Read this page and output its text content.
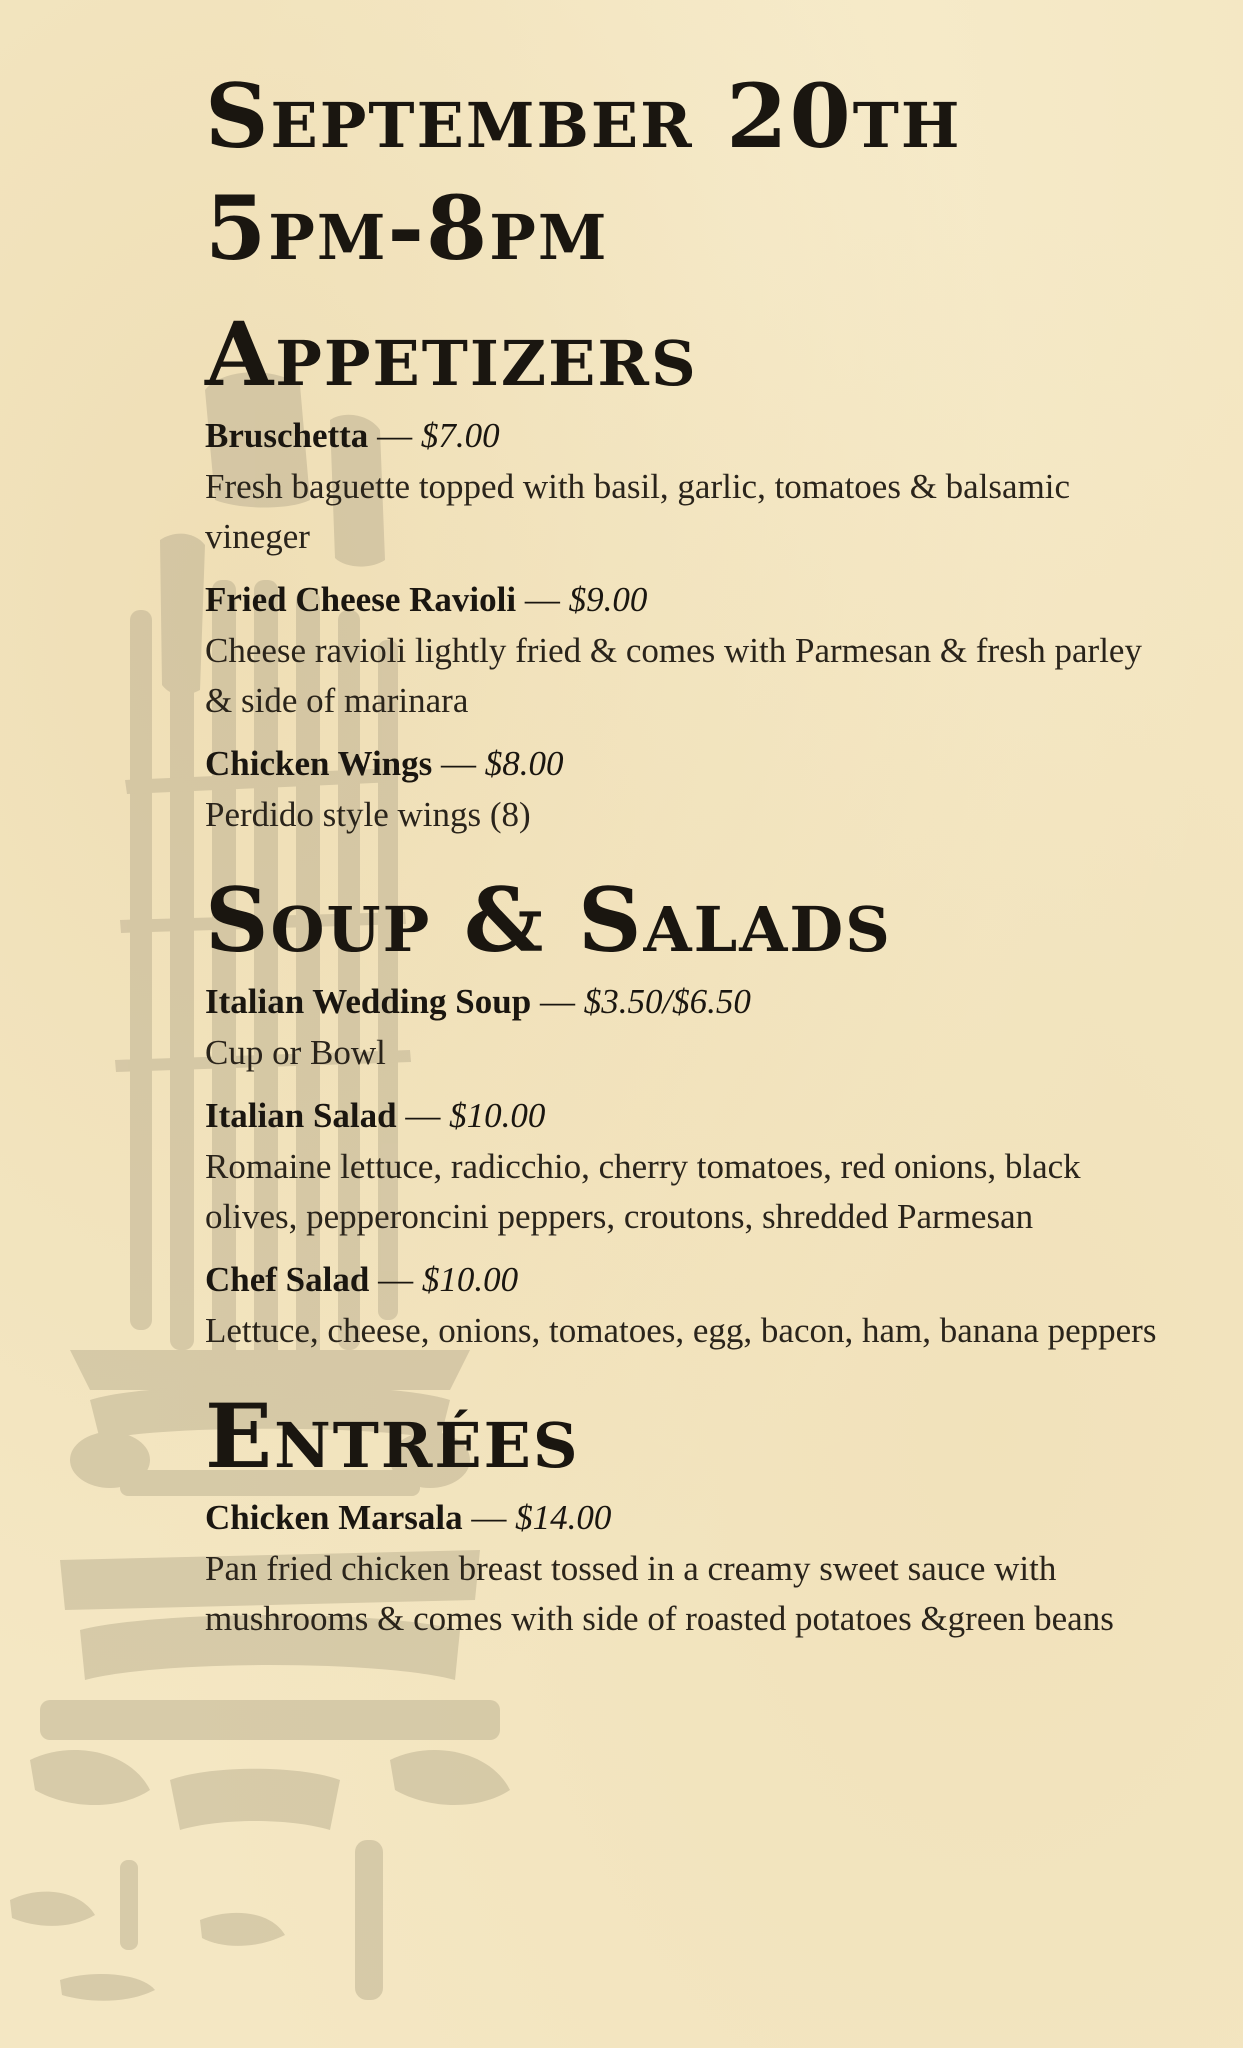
September 20th
5pm-8pm
Appetizers
Bruschetta — $7.00
Fresh baguette topped with basil, garlic, tomatoes & balsamic vineger
Fried Cheese Ravioli — $9.00
Cheese ravioli lightly fried & comes with Parmesan & fresh parley & side of marinara
Chicken Wings — $8.00
Perdido style wings (8)
Soup & Salads
Italian Wedding Soup — $3.50/$6.50
Cup or Bowl
Italian Salad — $10.00
Romaine lettuce, radicchio, cherry tomatoes, red onions, black olives, pepperoncini peppers, croutons, shredded Parmesan
Chef Salad — $10.00
Lettuce, cheese, onions, tomatoes, egg, bacon, ham, banana peppers
Entrées
Chicken Marsala — $14.00
Pan fried chicken breast tossed in a creamy sweet sauce with mushrooms & comes with side of roasted potatoes &green beans
